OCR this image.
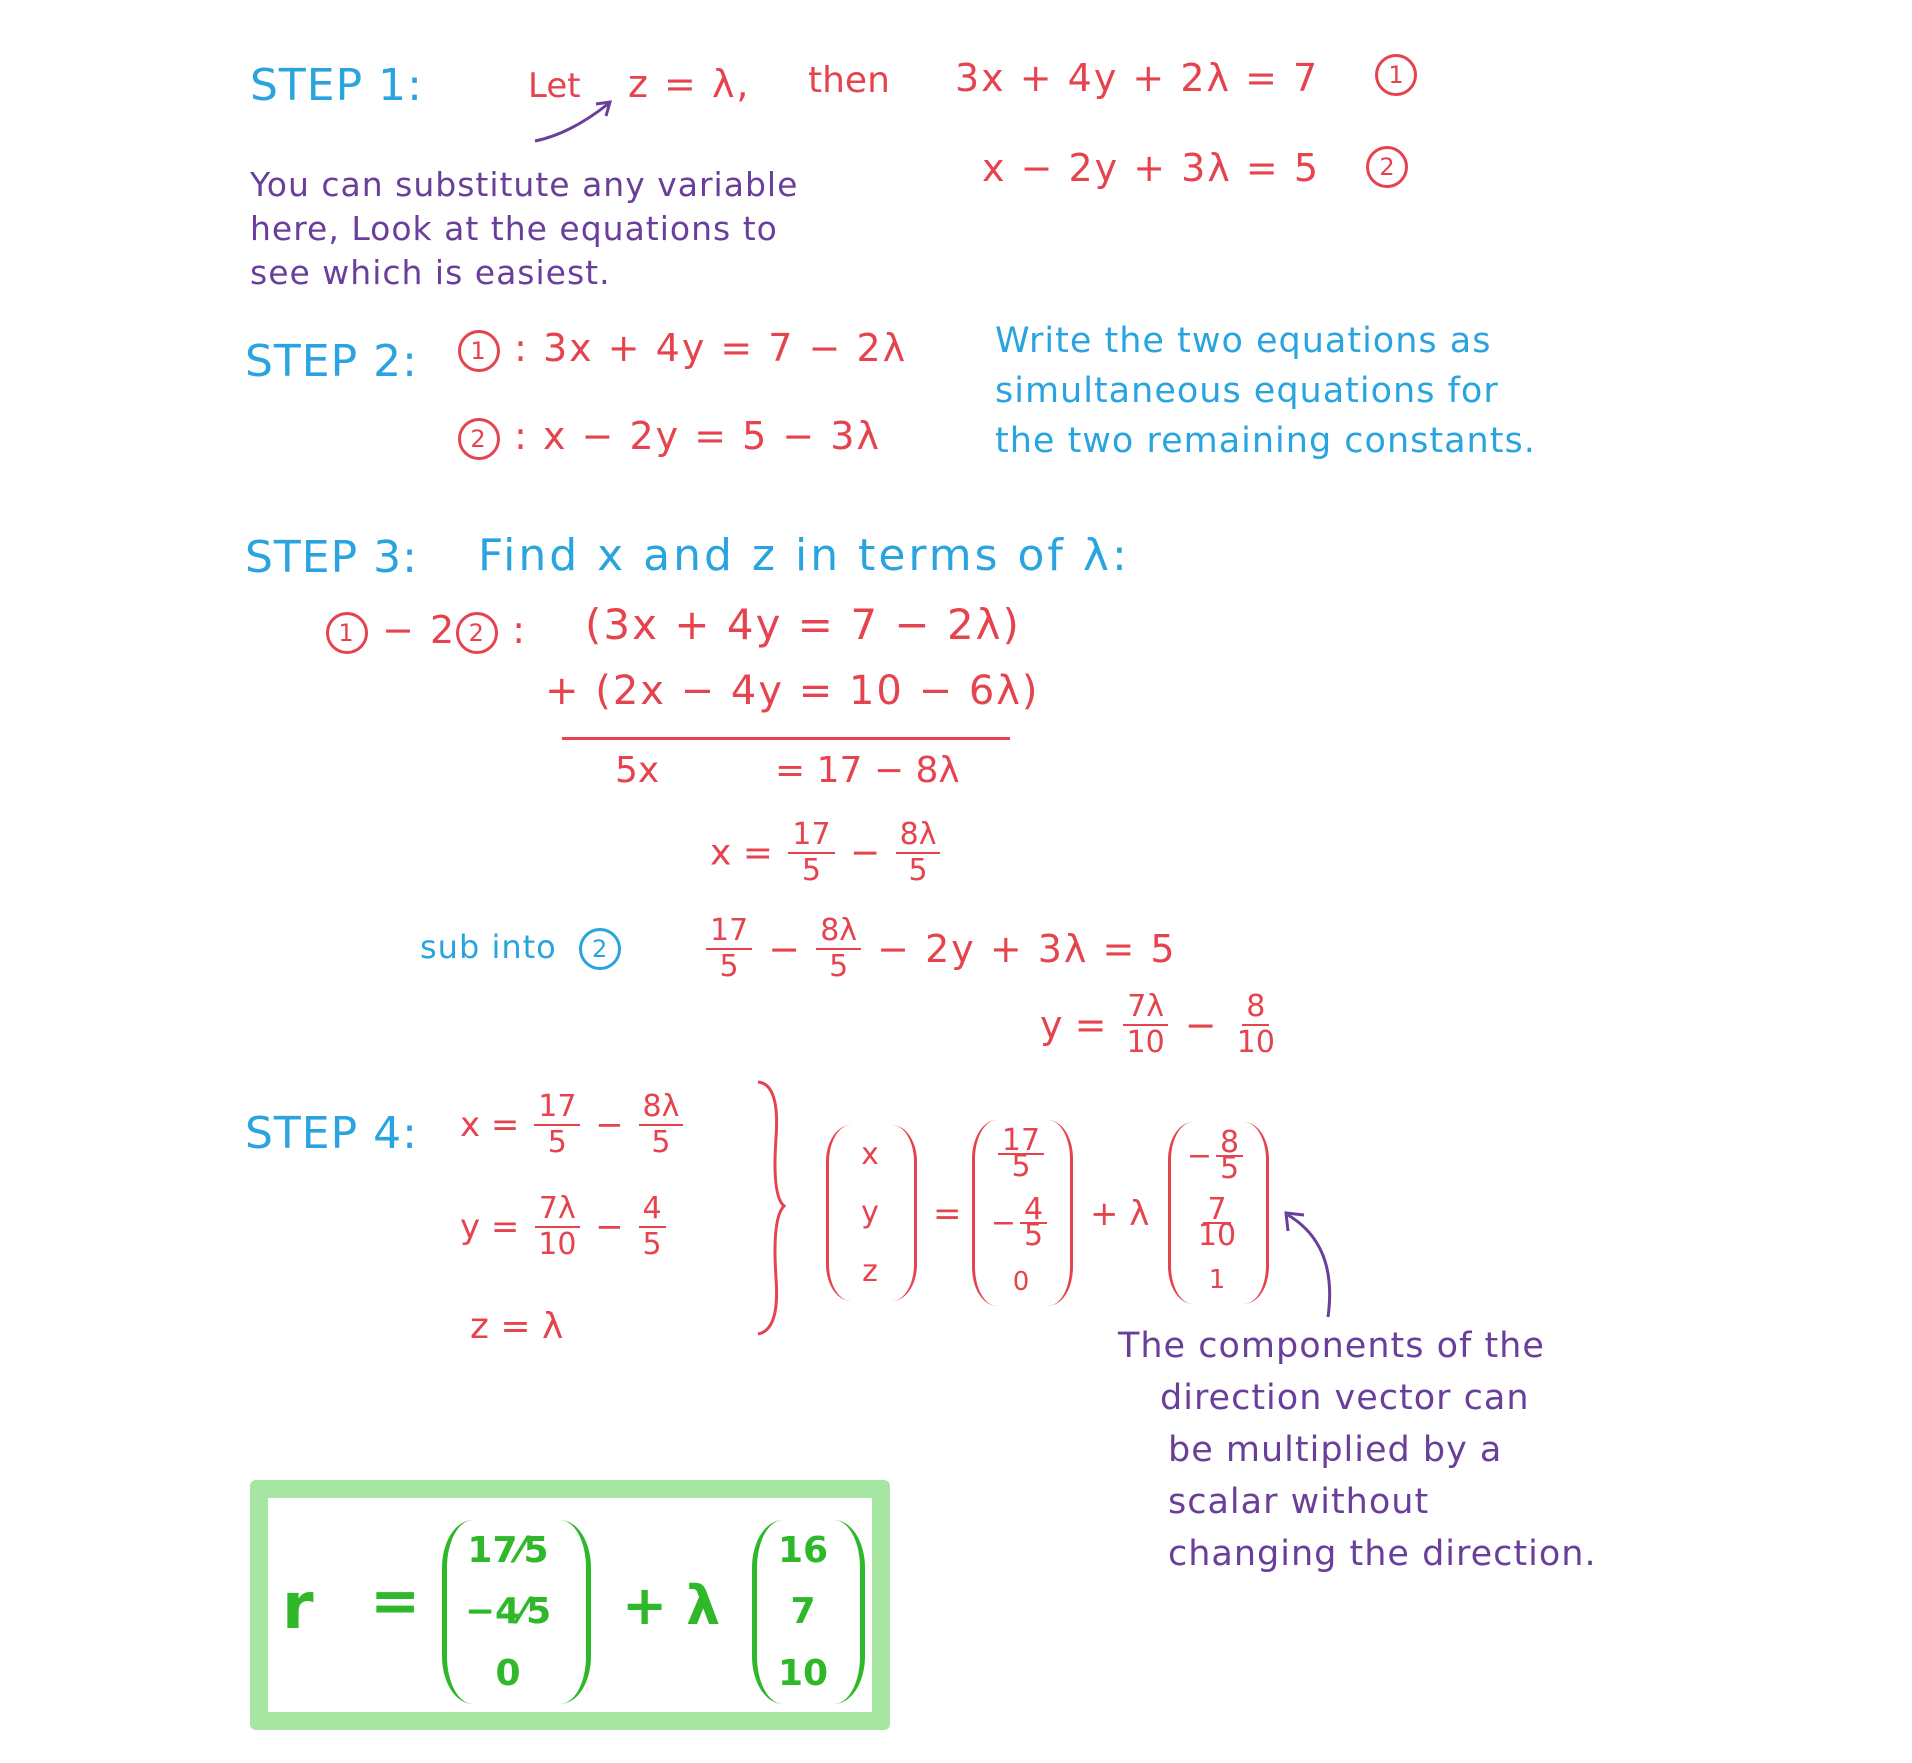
STEP 1:	Let z = λ, then 3x + 4y + 2λ = 7	1
x − 2y + 3λ = 5	2
You can substitute any variable
here, Look at the equations to
see which is easiest.
STEP 2:	1 : 3x + 4y = 7 − 2λ
2 : x − 2y = 5 − 3λ
Write the two equations as
simultaneous equations for
the two remaining constants.
STEP 3: Find x and z in terms of λ:
1 − 2 2 : (3x + 4y = 7 − 2λ)
+ (2x − 4y = 10 − 6λ)
5x	= 17 − 8λ
$x = \frac{17}{5} - \frac{8\lambda}{5}$
sub into 2	$\frac{17}{5} - \frac{8\lambda}{5} - 2y + 3\lambda = 5$
$y = \frac{7\lambda}{10} - \frac{8}{10}$
STEP 4: $x = \frac{17}{5} - \frac{8\lambda}{5}$
$y = \frac{7\lambda}{10} - \frac{4}{5}$
z = λ
x
y
z
=
$\frac{17}{5}$
− $\frac{4}{5}$
0
+ λ
− $\frac{8}{5}$
$\frac{7}{10}$
1
The components of the
direction vector can
be multiplied by a
scalar without
changing the direction.
r =
17⁄5
−4⁄5
0
+ λ
16
7
10
